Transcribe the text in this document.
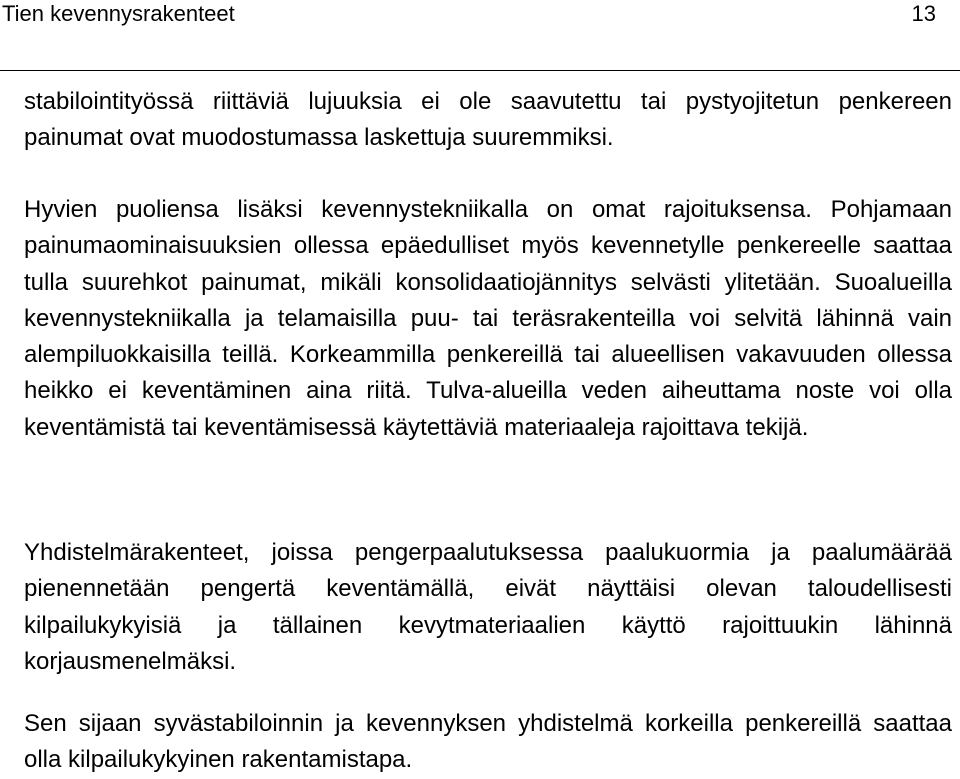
Tien kevennysrakenteet	13

stabilointityössä riittäviä lujuuksia ei ole saavutettu tai pystyojitetun penkereen painumat ovat muodostumassa laskettuja suuremmiksi.

Hyvien puoliensa lisäksi kevennystekniikalla on omat rajoituksensa. Pohjamaan painumaominaisuuksien ollessa epäedulliset myös kevennetylle penkereelle saattaa tulla suurehkot painumat, mikäli konsolidaatiojännitys selvästi ylitetään. Suoalueilla kevennystekniikalla ja telamaisilla puu- tai teräsrakenteilla voi selvitä lähinnä vain alempiluokkaisilla teillä. Korkeammilla penkereillä tai alueellisen vakavuuden ollessa heikko ei keventäminen aina riitä. Tulva-alueilla veden aiheuttama noste voi olla keventämistä tai keventämisessä käytettäviä materiaaleja rajoittava tekijä.

Yhdistelmärakenteet, joissa pengerpaalutuksessa paalukuormia ja paalumäärää pienennetään pengertä keventämällä, eivät näyttäisi olevan taloudellisesti kilpailukykyisiä ja tällainen kevytmateriaalien käyttö rajoittuukin lähinnä korjausmenelmäksi.

Sen sijaan syvästabiloinnin ja kevennyksen yhdistelmä korkeilla penkereillä saattaa olla kilpailukykyinen rakentamistapa.
